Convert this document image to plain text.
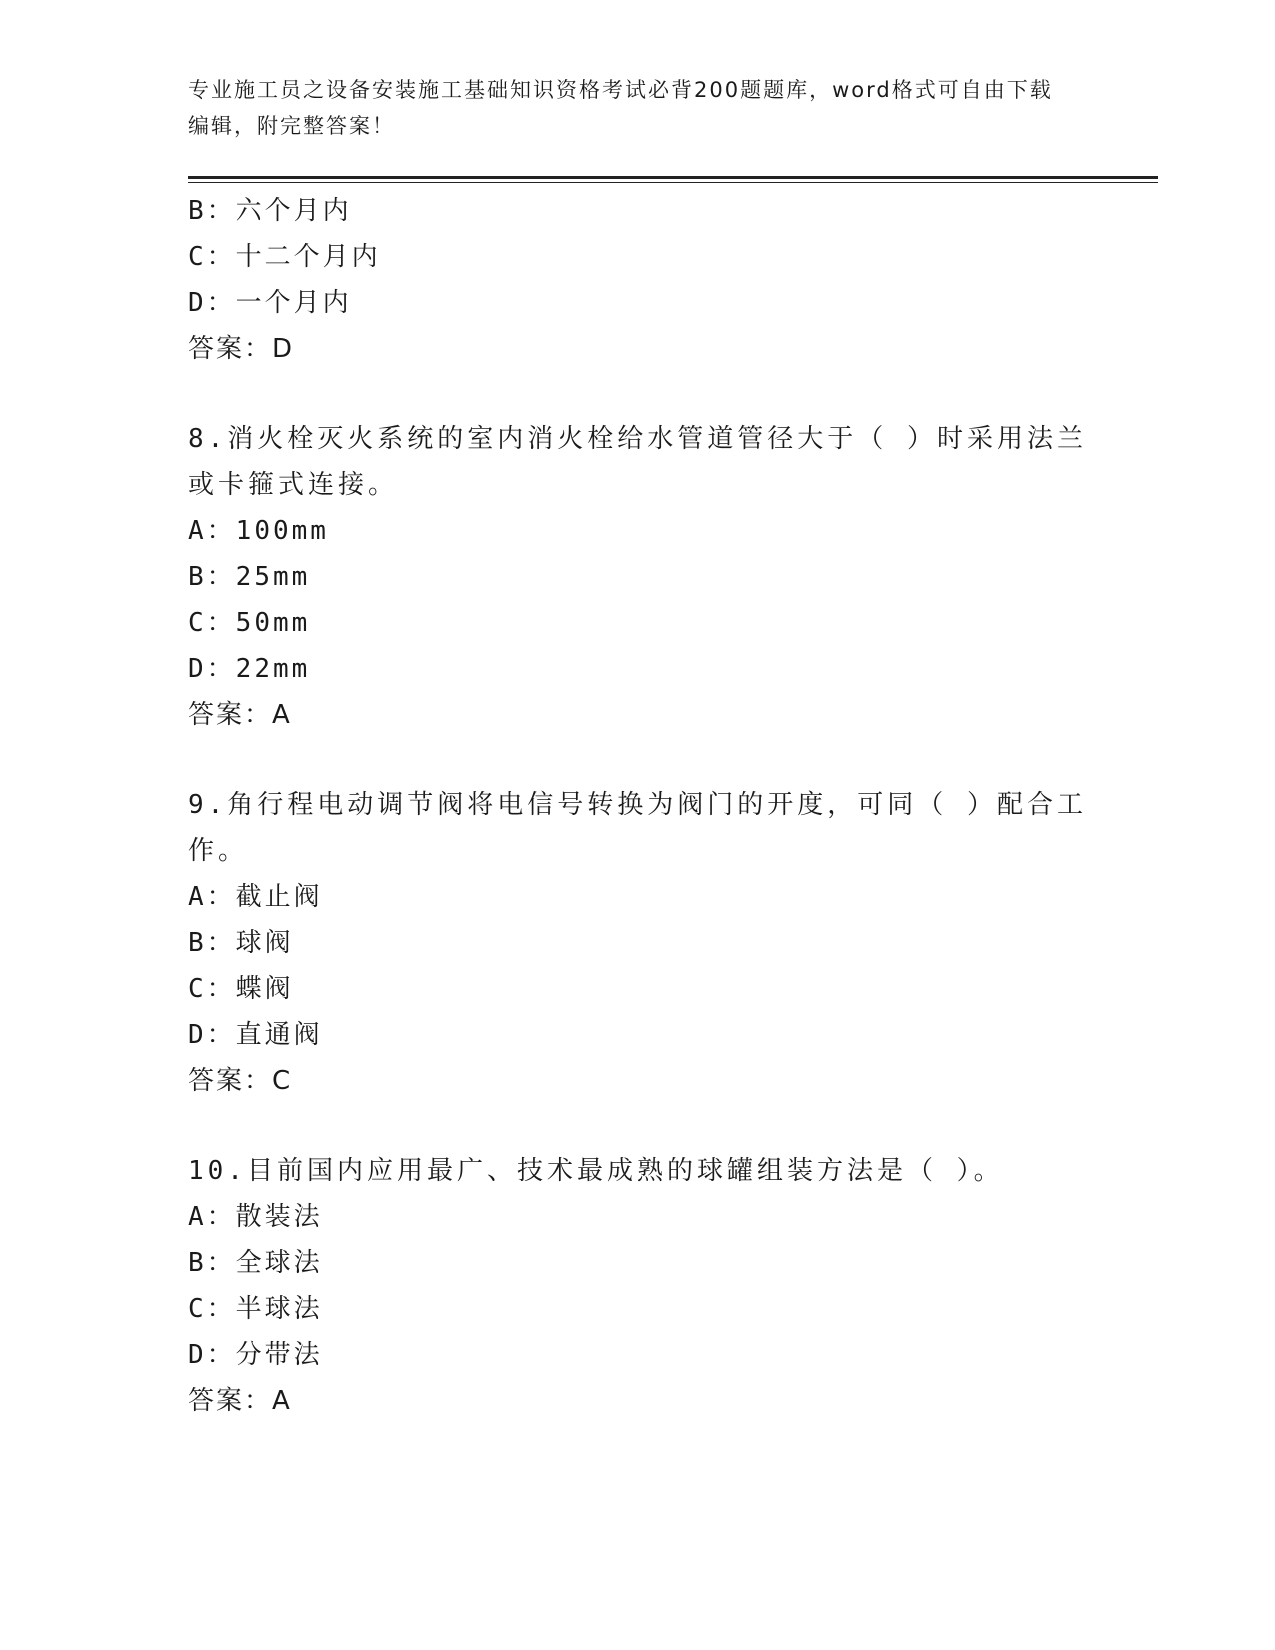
专业施工员之设备安装施工基础知识资格考试必背200题题库，word格式可自由下载编辑，附完整答案！
B：六个月内
C：十二个月内
D：一个月内
答案：D
8.消火栓灭火系统的室内消火栓给水管道管径大于（ ）时采用法兰或卡箍式连接。
A：100mm
B：25mm
C：50mm
D：22mm
答案：A
9.角行程电动调节阀将电信号转换为阀门的开度，可同（ ）配合工作。
A：截止阀
B：球阀
C：蝶阀
D：直通阀
答案：C
10.目前国内应用最广、技术最成熟的球罐组装方法是（ ）。
A：散装法
B：全球法
C：半球法
D：分带法
答案：A
